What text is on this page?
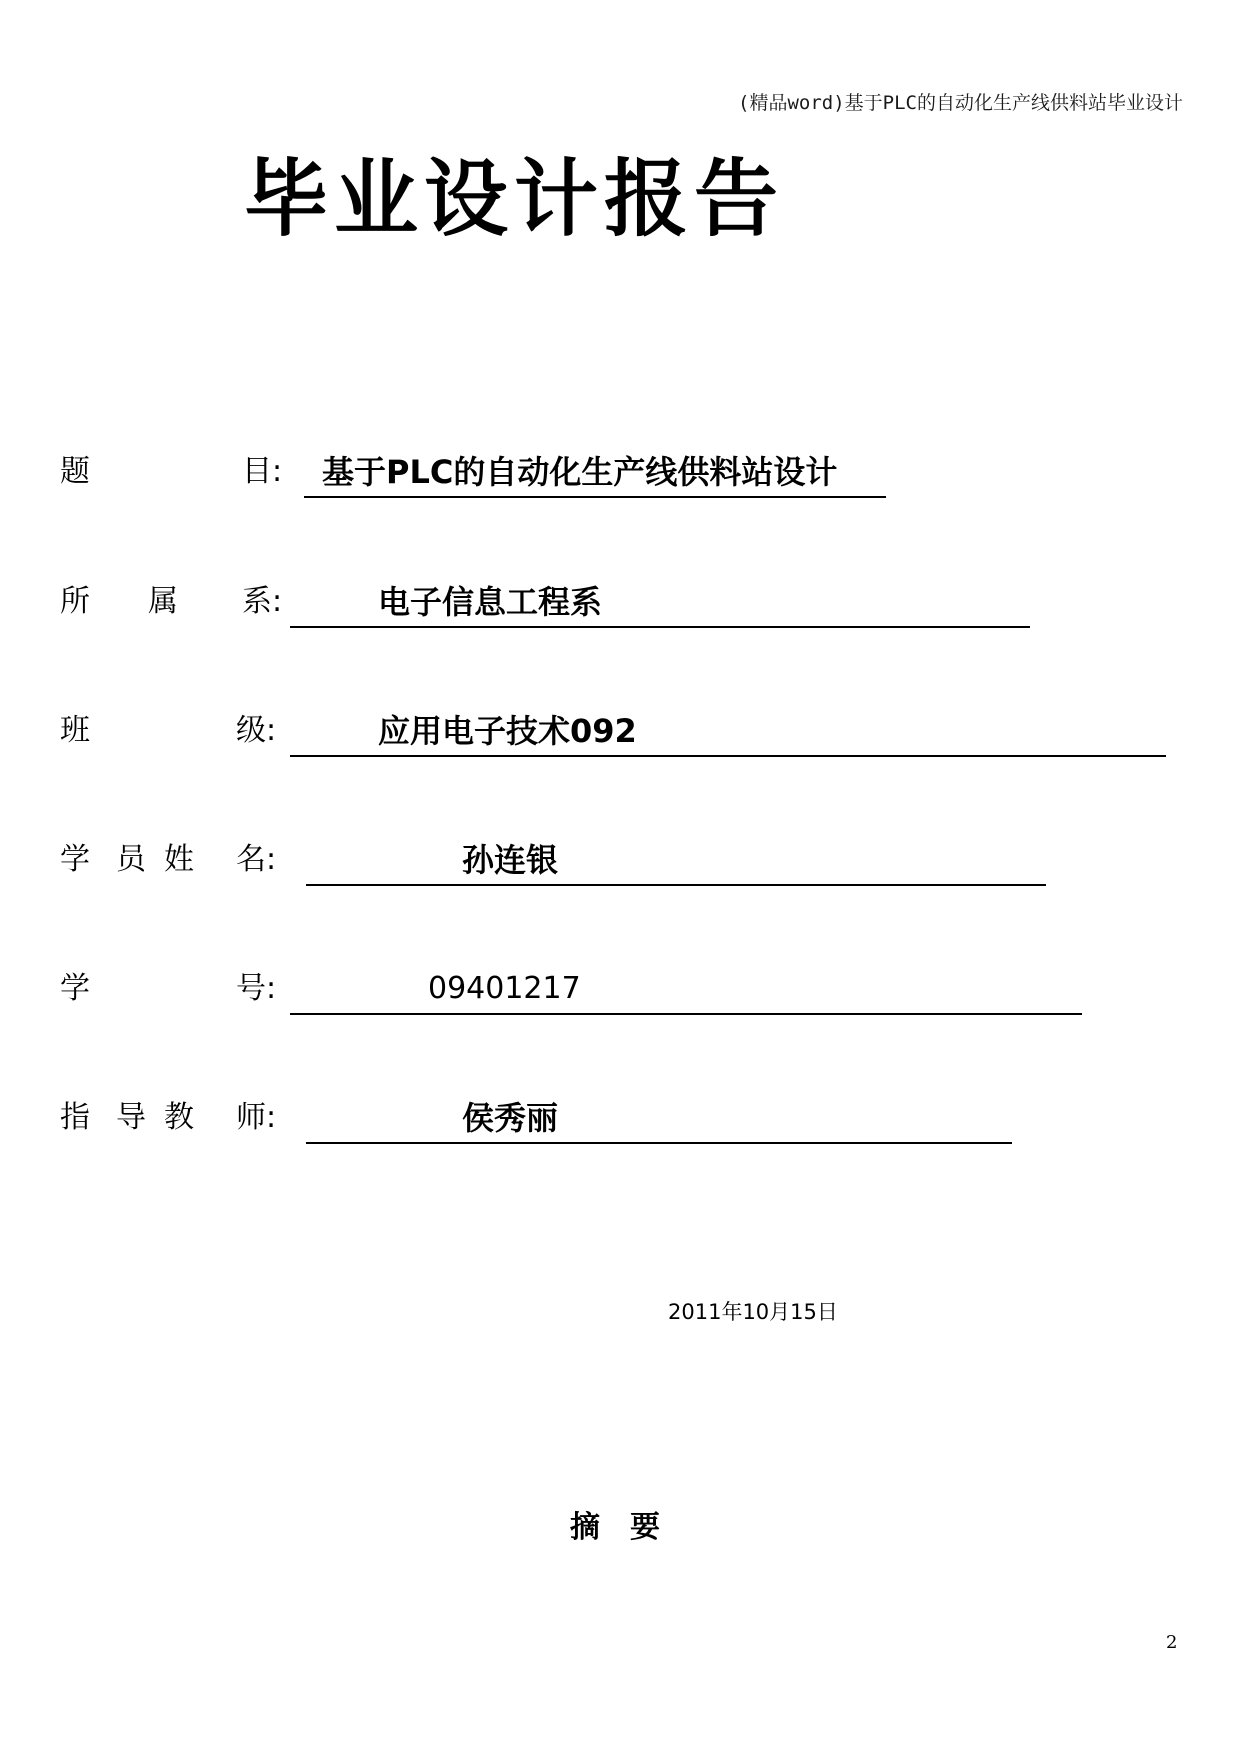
(精品word)基于PLC的自动化生产线供料站毕业设计
毕业设计报告
题	目: 基于PLC的自动化生产线供料站设计
所 属 系:	电子信息工程系
班	级:	应用电子技术092
学 员 姓 名:	孙连银
学	号:	09401217
指 导 教 师:	侯秀丽
2011年10月15日
摘要
2
